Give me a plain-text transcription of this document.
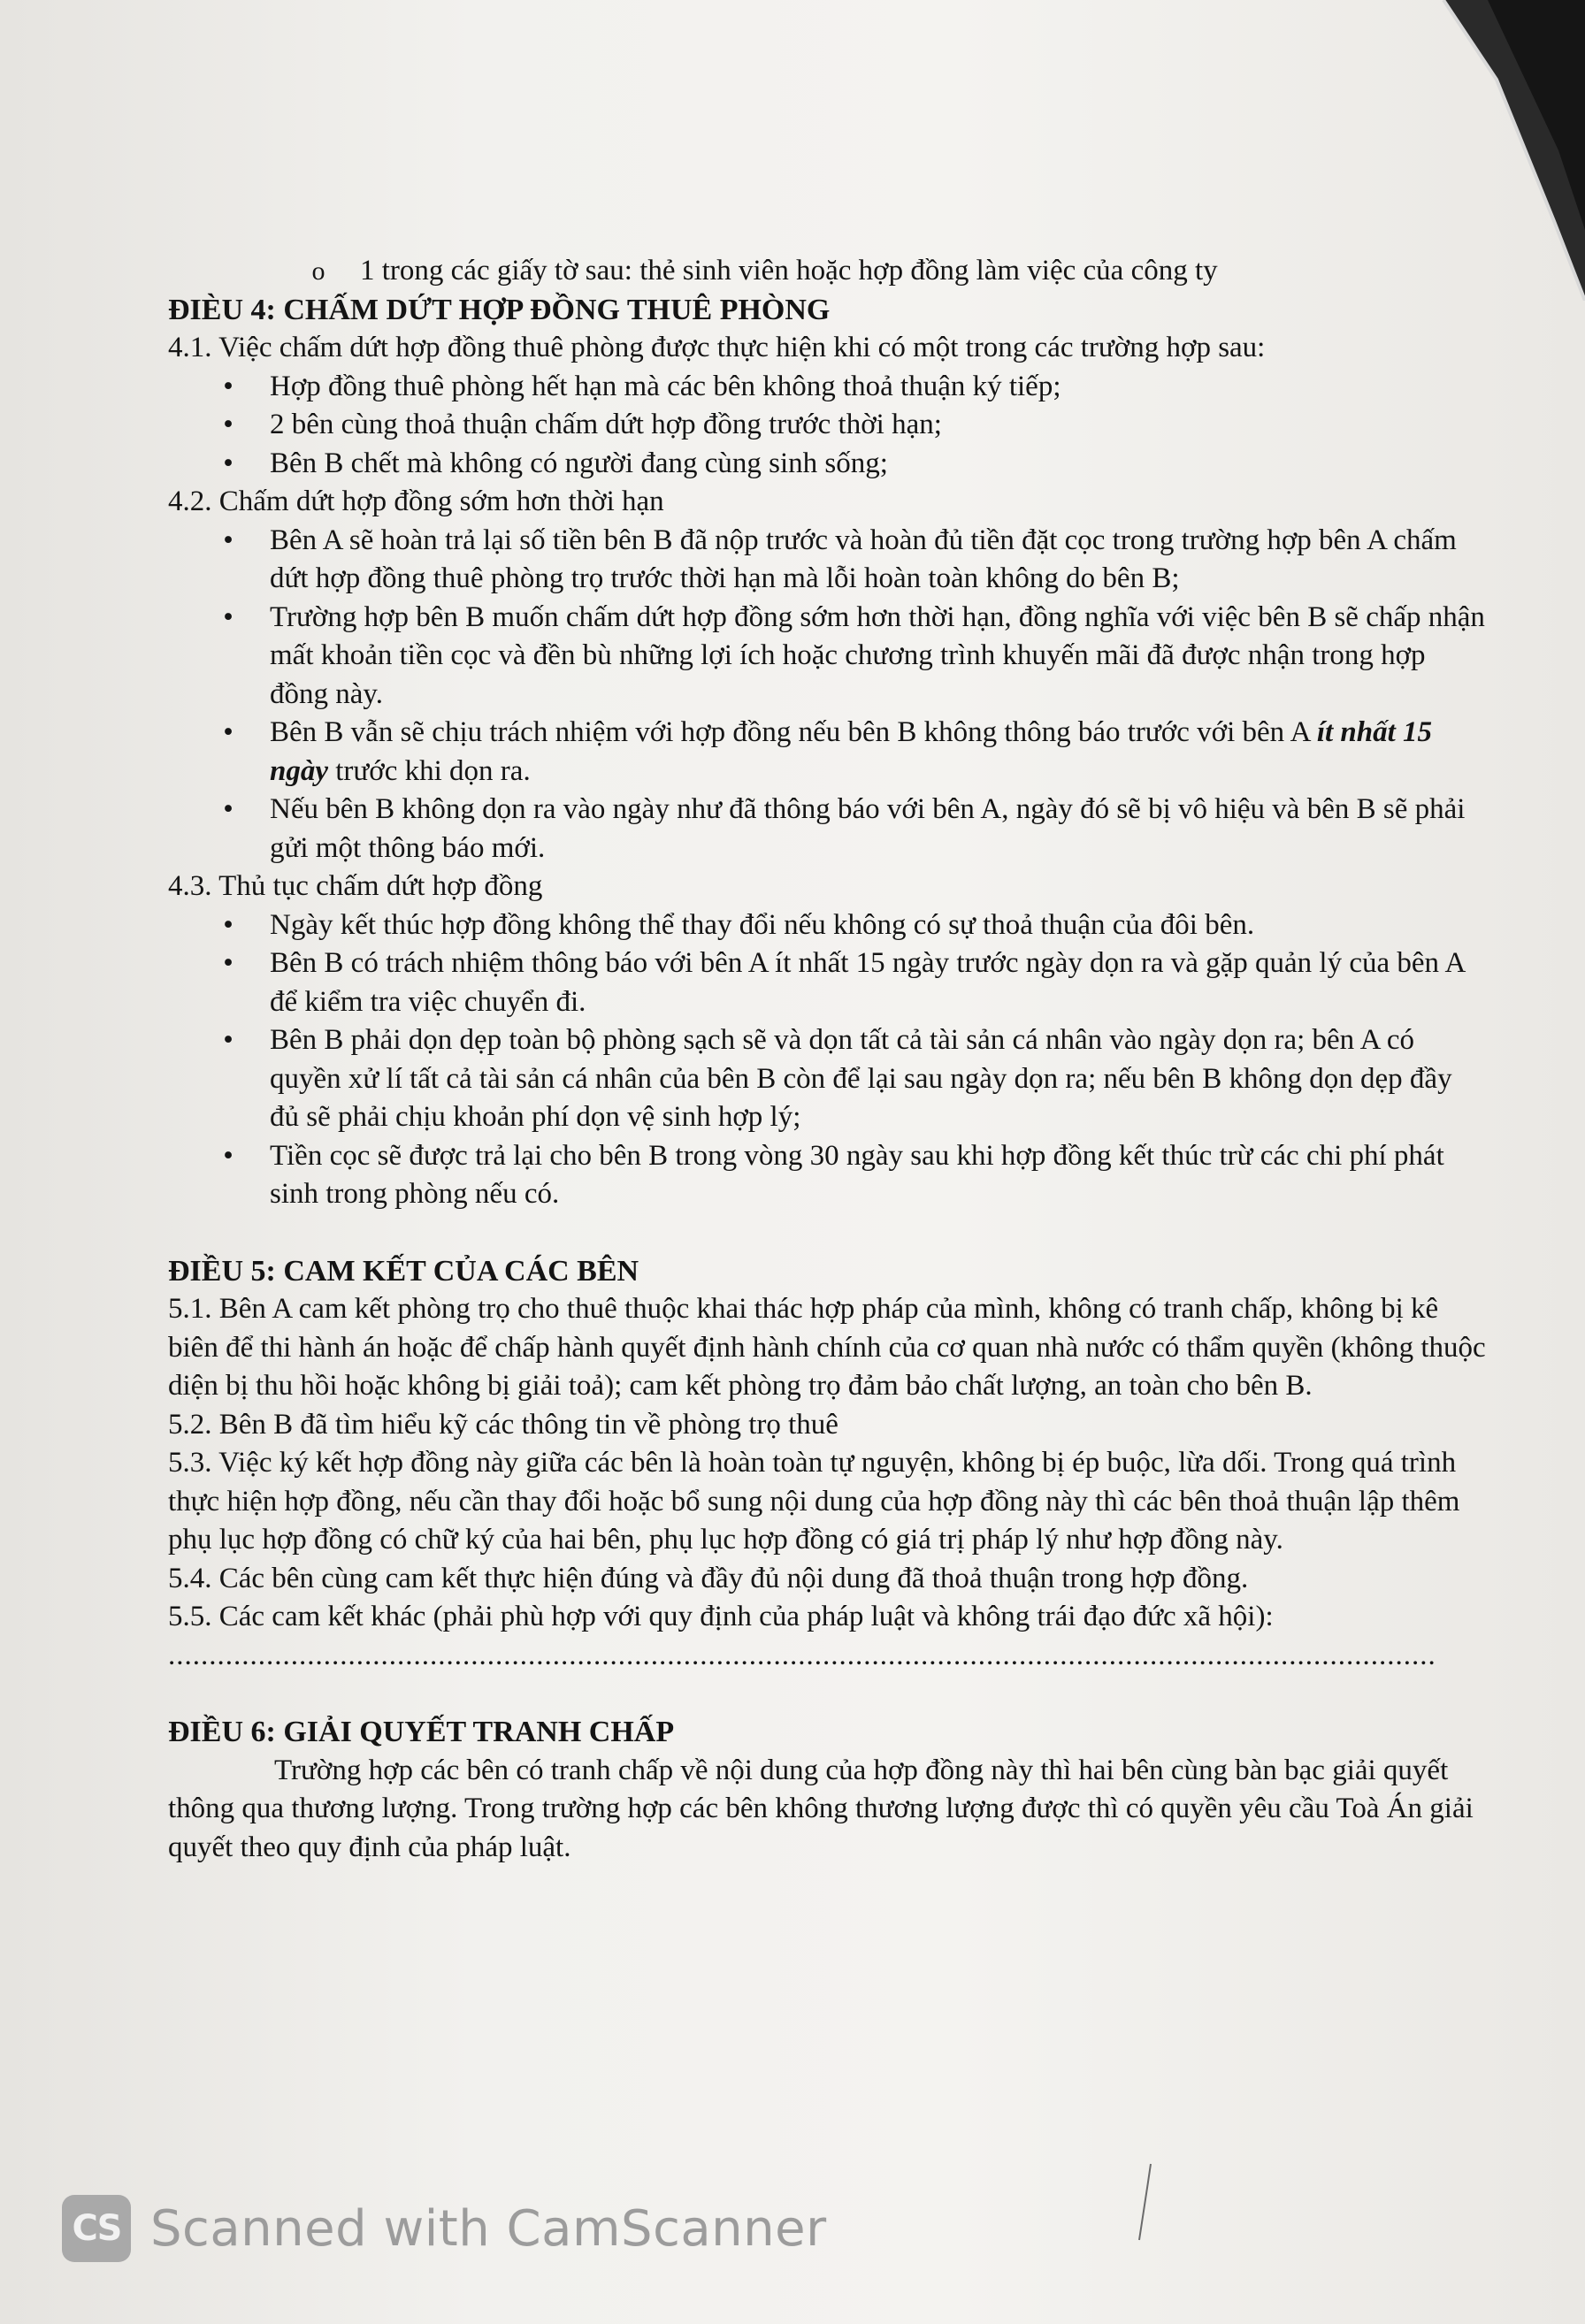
o 1 trong các giấy tờ sau: thẻ sinh viên hoặc hợp đồng làm việc của công ty

ĐIÈU 4: CHẤM DỨT HỢP ĐỒNG THUÊ PHÒNG

4.1. Việc chấm dứt hợp đồng thuê phòng được thực hiện khi có một trong các trường hợp sau:

• Hợp đồng thuê phòng hết hạn mà các bên không thoả thuận ký tiếp;
• 2 bên cùng thoả thuận chấm dứt hợp đồng trước thời hạn;
• Bên B chết mà không có người đang cùng sinh sống;

4.2. Chấm dứt hợp đồng sớm hơn thời hạn

• Bên A sẽ hoàn trả lại số tiền bên B đã nộp trước và hoàn đủ tiền đặt cọc trong trường hợp bên A chấm dứt hợp đồng thuê phòng trọ trước thời hạn mà lỗi hoàn toàn không do bên B;
• Trường hợp bên B muốn chấm dứt hợp đồng sớm hơn thời hạn, đồng nghĩa với việc bên B sẽ chấp nhận mất khoản tiền cọc và đền bù những lợi ích hoặc chương trình khuyến mãi đã được nhận trong hợp đồng này.
• Bên B vẫn sẽ chịu trách nhiệm với hợp đồng nếu bên B không thông báo trước với bên A ít nhất 15 ngày trước khi dọn ra.
• Nếu bên B không dọn ra vào ngày như đã thông báo với bên A, ngày đó sẽ bị vô hiệu và bên B sẽ phải gửi một thông báo mới.

4.3. Thủ tục chấm dứt hợp đồng

• Ngày kết thúc hợp đồng không thể thay đổi nếu không có sự thoả thuận của đôi bên.
• Bên B có trách nhiệm thông báo với bên A ít nhất 15 ngày trước ngày dọn ra và gặp quản lý của bên A để kiểm tra việc chuyển đi.
• Bên B phải dọn dẹp toàn bộ phòng sạch sẽ và dọn tất cả tài sản cá nhân vào ngày dọn ra; bên A có quyền xử lí tất cả tài sản cá nhân của bên B còn để lại sau ngày dọn ra; nếu bên B không dọn dẹp đầy đủ sẽ phải chịu khoản phí dọn vệ sinh hợp lý;
• Tiền cọc sẽ được trả lại cho bên B trong vòng 30 ngày sau khi hợp đồng kết thúc trừ các chi phí phát sinh trong phòng nếu có.

ĐIỀU 5: CAM KẾT CỦA CÁC BÊN

5.1. Bên A cam kết phòng trọ cho thuê thuộc khai thác hợp pháp của mình, không có tranh chấp, không bị kê biên để thi hành án hoặc để chấp hành quyết định hành chính của cơ quan nhà nước có thẩm quyền (không thuộc diện bị thu hồi hoặc không bị giải toả); cam kết phòng trọ đảm bảo chất lượng, an toàn cho bên B.

5.2. Bên B đã tìm hiểu kỹ các thông tin về phòng trọ thuê

5.3. Việc ký kết hợp đồng này giữa các bên là hoàn toàn tự nguyện, không bị ép buộc, lừa dối. Trong quá trình thực hiện hợp đồng, nếu cần thay đổi hoặc bổ sung nội dung của hợp đồng này thì các bên thoả thuận lập thêm phụ lục hợp đồng có chữ ký của hai bên, phụ lục hợp đồng có giá trị pháp lý như hợp đồng này.

5.4. Các bên cùng cam kết thực hiện đúng và đầy đủ nội dung đã thoả thuận trong hợp đồng.

5.5. Các cam kết khác (phải phù hợp với quy định của pháp luật và không trái đạo đức xã hội):

...........................................................................................................................................................

ĐIỀU 6: GIẢI QUYẾT TRANH CHẤP

Trường hợp các bên có tranh chấp về nội dung của hợp đồng này thì hai bên cùng bàn bạc giải quyết thông qua thương lượng. Trong trường hợp các bên không thương lượng được thì có quyền yêu cầu Toà Án giải quyết theo quy định của pháp luật.

CS Scanned with CamScanner
